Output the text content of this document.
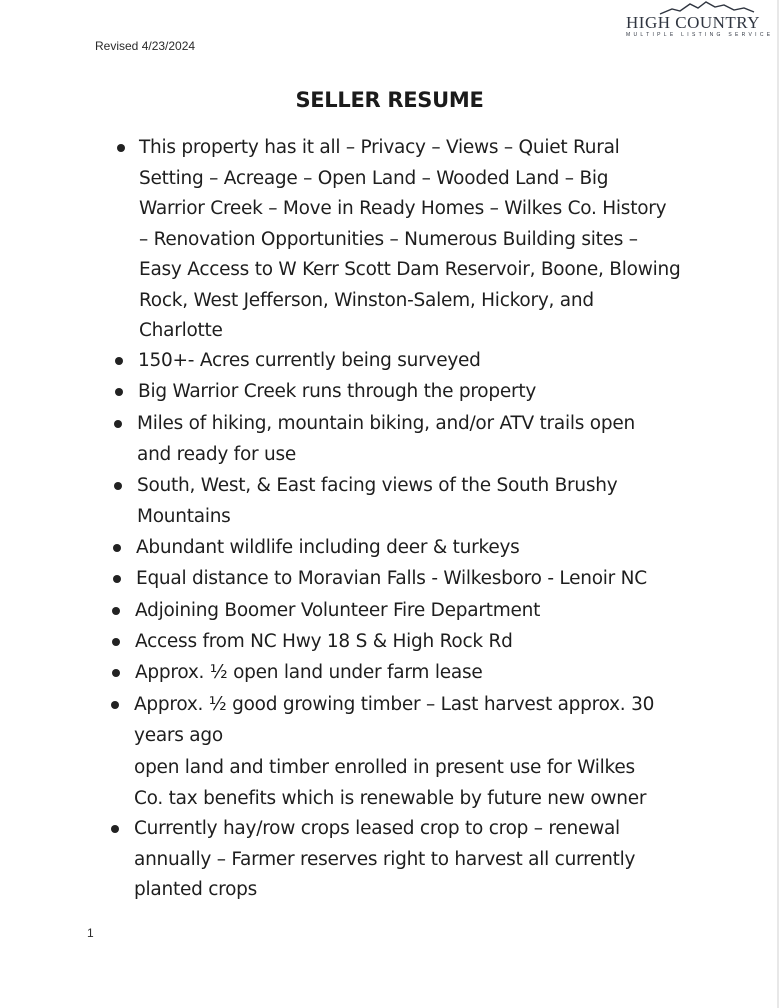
HIGH COUNTRY
MULTIPLE LISTING SERVICE
Revised 4/23/2024
SELLER RESUME
This property has it all – Privacy – Views – Quiet Rural
Setting – Acreage – Open Land – Wooded Land – Big
Warrior Creek – Move in Ready Homes – Wilkes Co. History
– Renovation Opportunities – Numerous Building sites –
Easy Access to W Kerr Scott Dam Reservoir, Boone, Blowing
Rock, West Jefferson, Winston-Salem, Hickory, and
Charlotte
150+- Acres currently being surveyed
Big Warrior Creek runs through the property
Miles of hiking, mountain biking, and/or ATV trails open
and ready for use
South, West, & East facing views of the South Brushy
Mountains
Abundant wildlife including deer & turkeys
Equal distance to Moravian Falls - Wilkesboro - Lenoir NC
Adjoining Boomer Volunteer Fire Department
Access from NC Hwy 18 S & High Rock Rd
Approx. ½ open land under farm lease
Approx. ½ good growing timber – Last harvest approx. 30
years ago
Currently hay/row crops leased crop to crop – renewal
annually – Farmer reserves right to harvest all currently
planted crops
open land and timber enrolled in present use for Wilkes
Co. tax benefits which is renewable by future new owner
1
